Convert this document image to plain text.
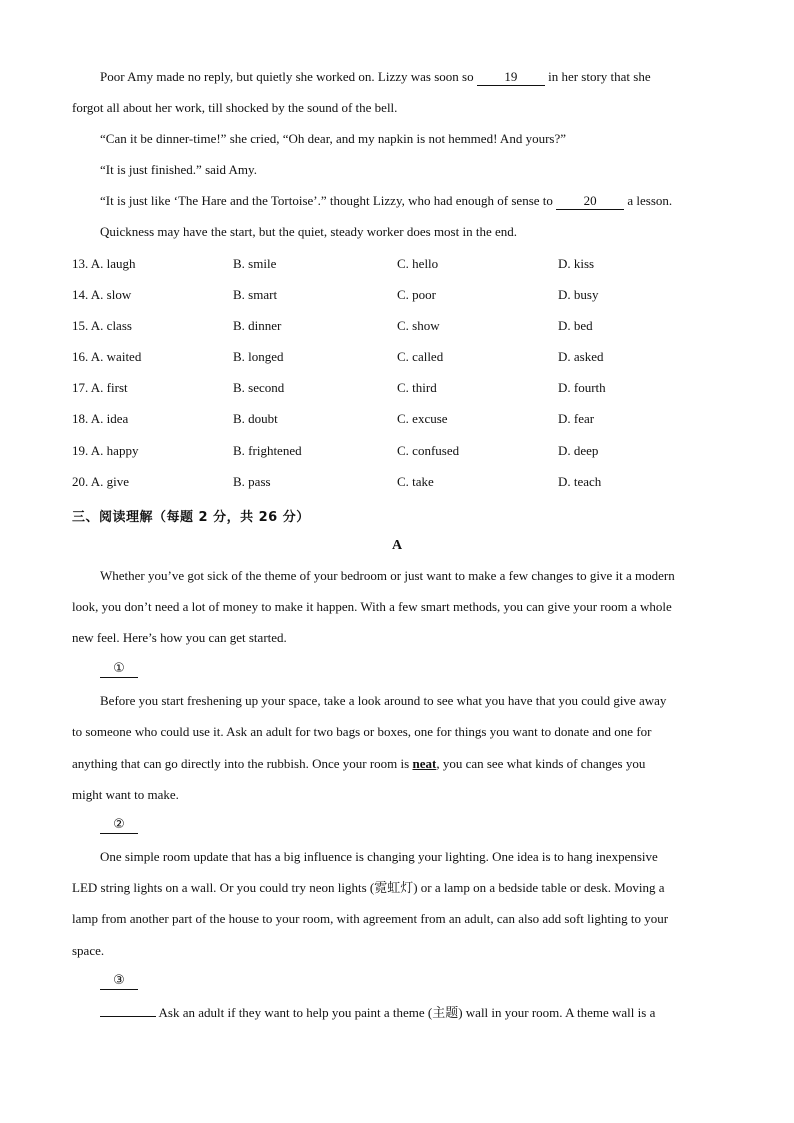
Poor Amy made no reply, but quietly she worked on. Lizzy was soon so 19 in her story that she
forgot all about her work, till shocked by the sound of the bell.
“Can it be dinner-time!” she cried, “Oh dear, and my napkin is not hemmed! And yours?”
“It is just finished.” said Amy.
“It is just like ‘The Hare and the Tortoise’.” thought Lizzy, who had enough of sense to 20 a lesson.
Quickness may have the start, but the quiet, steady worker does most in the end.
13. A. laugh	B. smile	C. hello	D. kiss
14. A. slow	B. smart	C. poor	D. busy
15. A. class	B. dinner	C. show	D. bed
16. A. waited	B. longed	C. called	D. asked
17. A. first	B. second	C. third	D. fourth
18. A. idea	B. doubt	C. excuse	D. fear
19. A. happy	B. frightened	C. confused	D. deep
20. A. give	B. pass	C. take	D. teach
三、阅读理解（每题 2 分，共 26 分）
A
Whether you’ve got sick of the theme of your bedroom or just want to make a few changes to give it a modern
look, you don’t need a lot of money to make it happen. With a few smart methods, you can give your room a whole
new feel. Here’s how you can get started.
①
Before you start freshening up your space, take a look around to see what you have that you could give away
to someone who could use it. Ask an adult for two bags or boxes, one for things you want to donate and one for
anything that can go directly into the rubbish. Once your room is neat, you can see what kinds of changes you
might want to make.
②
One simple room update that has a big influence is changing your lighting. One idea is to hang inexpensive
LED string lights on a wall. Or you could try neon lights (霓虹灯) or a lamp on a bedside table or desk. Moving a
lamp from another part of the house to your room, with agreement from an adult, can also add soft lighting to your
space.
③
Ask an adult if they want to help you paint a theme (主题) wall in your room. A theme wall is a
